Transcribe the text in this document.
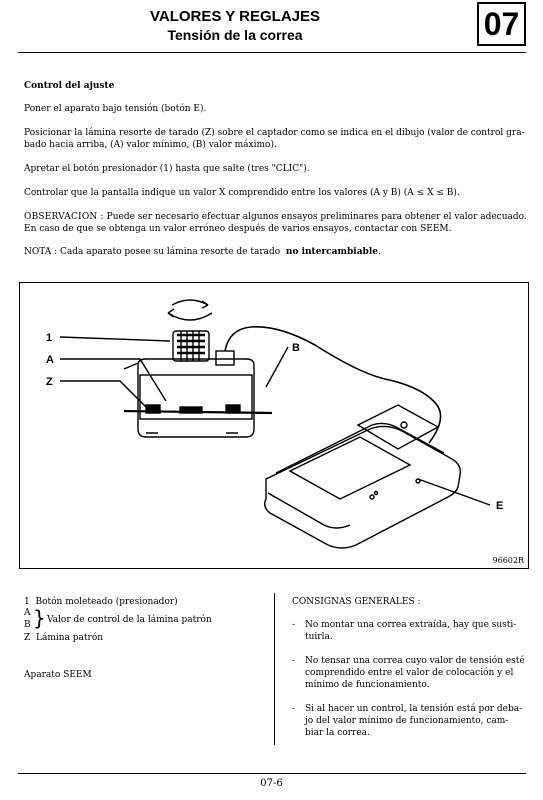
VALORES Y REGLAJES
Tensión de la correa	07
Control del ajuste
Poner el aparato bajo tensión (botón E).
Posicionar la lámina resorte de tarado (Z) sobre el captador como se indica en el dibujo (valor de control gra-
bado hacia arriba, (A) valor mínimo, (B) valor máximo).
Apretar el botón presionador (1) hasta que salte (tres "CLIC").
Controlar que la pantalla indique un valor X comprendido entre los valores (A y B) (A ≤ X ≤ B).
OBSERVACION : Puede ser necesario efectuar algunos ensayos preliminares para obtener el valor adecuado.
En caso de que se obtenga un valor erróneo después de varios ensayos, contactar con SEEM.
NOTA : Cada aparato posee su lámina resorte de tarado no intercambiable.
1
A
Z
B
E
96602R
1 Botón moleteado (presionador)
A
B } Valor de control de la lámina patrón
Z Lámina patrón
Aparato SEEM
CONSIGNAS GENERALES :
- No montar una correa extraída, hay que susti-
tuirla.
- No tensar una correa cuyo valor de tensión esté
comprendido entre el valor de colocación y el
mínimo de funcionamiento.
- Si al hacer un control, la tensión está por deba-
jo del valor mínimo de funcionamiento, cam-
biar la correa.
07-6
